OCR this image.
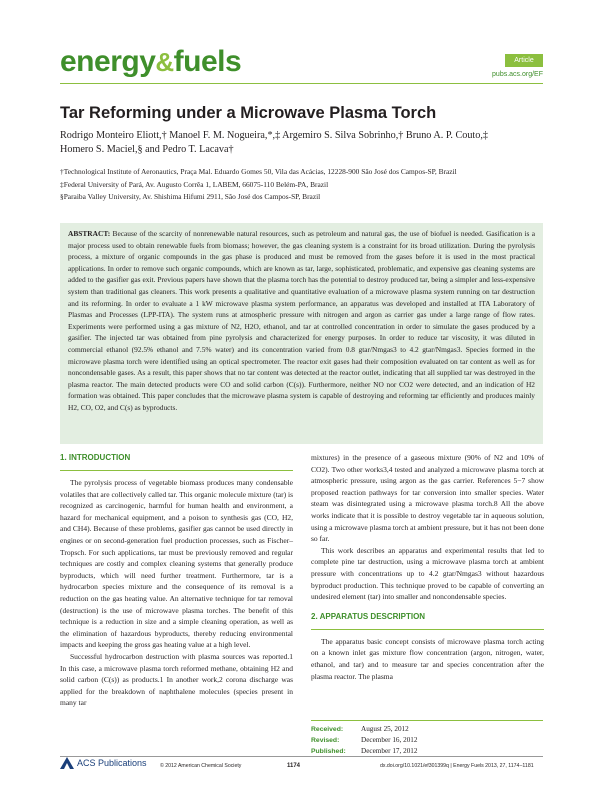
energy&fuels	Article
pubs.acs.org/EF
Tar Reforming under a Microwave Plasma Torch
Rodrigo Monteiro Eliott,† Manoel F. M. Nogueira,*,‡ Argemiro S. Silva Sobrinho,† Bruno A. P. Couto,‡
Homero S. Maciel,§ and Pedro T. Lacava†
†Technological Institute of Aeronautics, Praça Mal. Eduardo Gomes 50, Vila das Acácias, 12228-900 São José dos Campos-SP, Brazil
‡Federal University of Pará, Av. Augusto Corrêa 1, LABEM, 66075-110 Belém-PA, Brazil
§Paraiba Valley University, Av. Shishima Hifumi 2911, São José dos Campos-SP, Brazil
ABSTRACT: Because of the scarcity of nonrenewable natural resources, such as petroleum and natural gas, the use of biofuel is needed. Gasification is a major process used to obtain renewable fuels from biomass; however, the gas cleaning system is a constraint for its broad utilization. During the pyrolysis process, a mixture of organic compounds in the gas phase is produced and must be removed from the gases before it is used in the most practical applications. In order to remove such organic compounds, which are known as tar, large, sophisticated, problematic, and expensive gas cleaning systems are added to the gasifier gas exit. Previous papers have shown that the plasma torch has the potential to destroy produced tar, being a simpler and less-expensive system than traditional gas cleaners. This work presents a qualitative and quantitative evaluation of a microwave plasma system running on tar destruction and its reforming. In order to evaluate a 1 kW microwave plasma system performance, an apparatus was developed and installed at ITA Laboratory of Plasmas and Processes (LPP-ITA). The system runs at atmospheric pressure with nitrogen and argon as carrier gas under a large range of flow rates. Experiments were performed using a gas mixture of N2, H2O, ethanol, and tar at controlled concentration in order to simulate the gases produced by a gasifier. The injected tar was obtained from pine pyrolysis and characterized for energy purposes. In order to reduce tar viscosity, it was diluted in commercial ethanol (92.5% ethanol and 7.5% water) and its concentration varied from 0.8 gtar/Nmgas3 to 4.2 gtar/Nmgas3. Species formed in the microwave plasma torch were identified using an optical spectrometer. The reactor exit gases had their composition evaluated on tar content as well as for noncondensable gases. As a result, this paper shows that no tar content was detected at the reactor outlet, indicating that all supplied tar was destroyed in the plasma reactor. The main detected products were CO and solid carbon (C(s)). Furthermore, neither NO nor CO2 were detected, and an indication of H2 formation was obtained. This paper concludes that the microwave plasma system is capable of destroying and reforming tar efficiently and produces mainly H2, CO, O2, and C(s) as byproducts.
1. INTRODUCTION

The pyrolysis process of vegetable biomass produces many condensable volatiles that are collectively called tar. This organic molecule mixture (tar) is recognized as carcinogenic, harmful for human health and environment, a hazard for mechanical equipment, and a poison to synthesis gas (CO, H2, and CH4). Because of these problems, gasifier gas cannot be used directly in engines or on second-generation fuel production processes, such as Fischer–Tropsch. For such applications, tar must be previously removed and regular techniques are costly and complex cleaning systems that generally produce byproducts, which will need further treatment. Furthermore, tar is a hydrocarbon species mixture and the consequence of its removal is a reduction on the gas heating value. An alternative technique for tar removal (destruction) is the use of microwave plasma torches. The benefit of this technique is a reduction in size and a simple cleaning operation, as well as the elimination of hazardous byproducts, thereby reducing environmental impacts and keeping the gross gas heating value at a high level.

Successful hydrocarbon destruction with plasma sources was reported.1 In this case, a microwave plasma torch reformed methane, obtaining H2 and solid carbon (C(s)) as products.1 In another work,2 corona discharge was applied for the breakdown of naphthalene molecules (species present in many tar

mixtures) in the presence of a gaseous mixture (90% of N2 and 10% of CO2). Two other works3,4 tested and analyzed a microwave plasma torch at atmospheric pressure, using argon as the gas carrier. References 5−7 show proposed reaction pathways for tar conversion into smaller species. Water steam was disintegrated using a microwave plasma torch.8 All the above works indicate that it is possible to destroy vegetable tar in aqueous solution, using a microwave plasma torch at ambient pressure, but it has not been done so far.

This work describes an apparatus and experimental results that led to complete pine tar destruction, using a microwave plasma torch at ambient pressure with concentrations up to 4.2 gtar/Nmgas3 without hazardous byproduct production. This technique proved to be capable of converting an undesired element (tar) into smaller and noncondensable species.

2. APPARATUS DESCRIPTION

The apparatus basic concept consists of microwave plasma torch acting on a known inlet gas mixture flow concentration (argon, nitrogen, water, ethanol, and tar) and to measure tar and species concentration after the plasma reactor. The plasma

Received:	August 25, 2012
Revised:	December 16, 2012
Published:	December 17, 2012
ACS Publications	© 2012 American Chemical Society	1174	dx.doi.org/10.1021/ef301399q | Energy Fuels 2013, 27, 1174−1181
